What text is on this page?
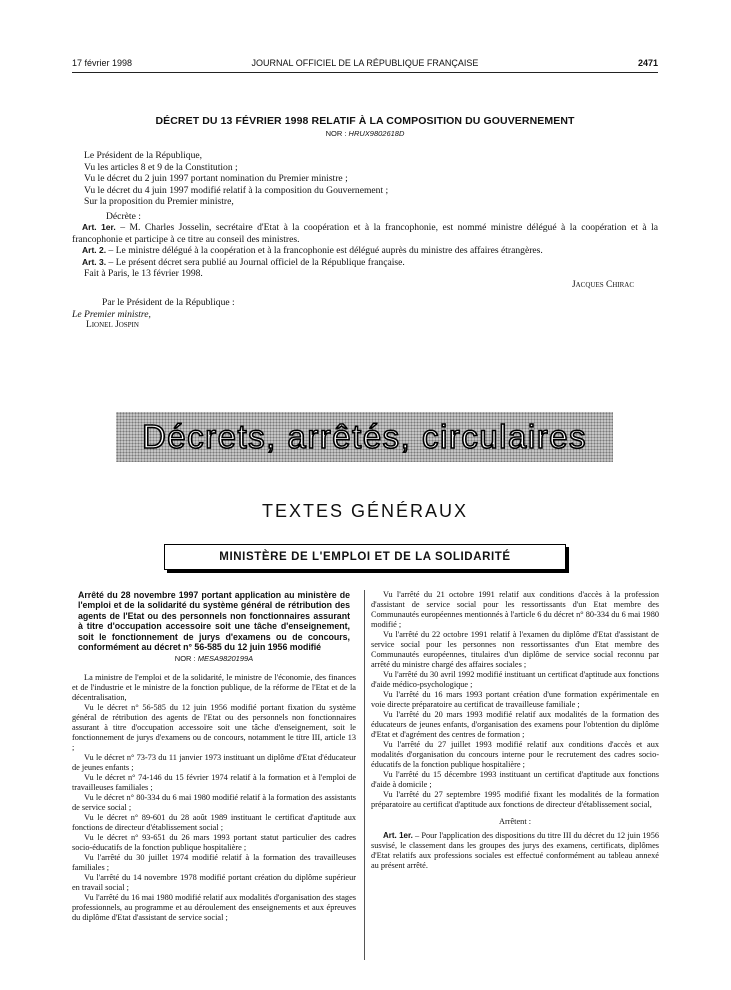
17 février 1998	JOURNAL OFFICIEL DE LA RÉPUBLIQUE FRANÇAISE	2471
DÉCRET DU 13 FÉVRIER 1998 RELATIF À LA COMPOSITION DU GOUVERNEMENT
NOR : HRUX9802618D
Le Président de la République,
Vu les articles 8 et 9 de la Constitution ;
Vu le décret du 2 juin 1997 portant nomination du Premier ministre ;
Vu le décret du 4 juin 1997 modifié relatif à la composition du Gouvernement ;
Sur la proposition du Premier ministre,
Décrète :

Art. 1er. – M. Charles Josselin, secrétaire d'Etat à la coopération et à la francophonie, est nommé ministre délégué à la coopération et à la francophonie et participe à ce titre au conseil des ministres.

Art. 2. – Le ministre délégué à la coopération et à la francophonie est délégué auprès du ministre des affaires étrangères.

Art. 3. – Le présent décret sera publié au Journal officiel de la République française.

Fait à Paris, le 13 février 1998.
Jacques Chirac
Par le Président de la République :
Le Premier ministre,
Lionel Jospin
Décrets, arrêtés, circulaires
TEXTES GÉNÉRAUX
MINISTÈRE DE L'EMPLOI ET DE LA SOLIDARITÉ

Arrêté du 28 novembre 1997 portant application au ministère de l'emploi et de la solidarité du système général de rétribution des agents de l'Etat ou des personnels non fonctionnaires assurant à titre d'occupation accessoire soit une tâche d'enseignement, soit le fonctionnement de jurys d'examens ou de concours, conformément au décret n° 56-585 du 12 juin 1956 modifié

NOR : MESA9820199A

La ministre de l'emploi et de la solidarité, le ministre de l'économie, des finances et de l'industrie et le ministre de la fonction publique, de la réforme de l'Etat et de la décentralisation,

Vu le décret n° 56-585 du 12 juin 1956 modifié portant fixation du système général de rétribution des agents de l'Etat ou des personnels non fonctionnaires assurant à titre d'occupation accessoire soit une tâche d'enseignement, soit le fonctionnement de jurys d'examens ou de concours, notamment le titre III, article 13 ;

Vu le décret n° 73-73 du 11 janvier 1973 instituant un diplôme d'Etat d'éducateur de jeunes enfants ;

Vu le décret n° 74-146 du 15 février 1974 relatif à la formation et à l'emploi de travailleuses familiales ;

Vu le décret n° 80-334 du 6 mai 1980 modifié relatif à la formation des assistants de service social ;

Vu le décret n° 89-601 du 28 août 1989 instituant le certificat d'aptitude aux fonctions de directeur d'établissement social ;

Vu le décret n° 93-651 du 26 mars 1993 portant statut particulier des cadres socio-éducatifs de la fonction publique hospitalière ;

Vu l'arrêté du 30 juillet 1974 modifié relatif à la formation des travailleuses familiales ;

Vu l'arrêté du 14 novembre 1978 modifié portant création du diplôme supérieur en travail social ;

Vu l'arrêté du 16 mai 1980 modifié relatif aux modalités d'organisation des stages professionnels, au programme et au déroulement des enseignements et aux épreuves du diplôme d'Etat d'assistant de service social ;

Vu l'arrêté du 21 octobre 1991 relatif aux conditions d'accès à la profession d'assistant de service social pour les ressortissants d'un Etat membre des Communautés européennes mentionnés à l'article 6 du décret n° 80-334 du 6 mai 1980 modifié ;

Vu l'arrêté du 22 octobre 1991 relatif à l'examen du diplôme d'Etat d'assistant de service social pour les personnes non ressortissantes d'un Etat membre des Communautés européennes, titulaires d'un diplôme de service social reconnu par arrêté du ministre chargé des affaires sociales ;

Vu l'arrêté du 30 avril 1992 modifié instituant un certificat d'aptitude aux fonctions d'aide médico-psychologique ;

Vu l'arrêté du 16 mars 1993 portant création d'une formation expérimentale en voie directe préparatoire au certificat de travailleuse familiale ;

Vu l'arrêté du 20 mars 1993 modifié relatif aux modalités de la formation des éducateurs de jeunes enfants, d'organisation des examens pour l'obtention du diplôme d'Etat et d'agrément des centres de formation ;

Vu l'arrêté du 27 juillet 1993 modifié relatif aux conditions d'accès et aux modalités d'organisation du concours interne pour le recrutement des cadres socio-éducatifs de la fonction publique hospitalière ;

Vu l'arrêté du 15 décembre 1993 instituant un certificat d'aptitude aux fonctions d'aide à domicile ;

Vu l'arrêté du 27 septembre 1995 modifié fixant les modalités de la formation préparatoire au certificat d'aptitude aux fonctions de directeur d'établissement social,

Arrêtent :

Art. 1er. – Pour l'application des dispositions du titre III du décret du 12 juin 1956 susvisé, le classement dans les groupes des jurys des examens, certificats, diplômes d'Etat relatifs aux professions sociales est effectué conformément au tableau annexé au présent arrêté.
